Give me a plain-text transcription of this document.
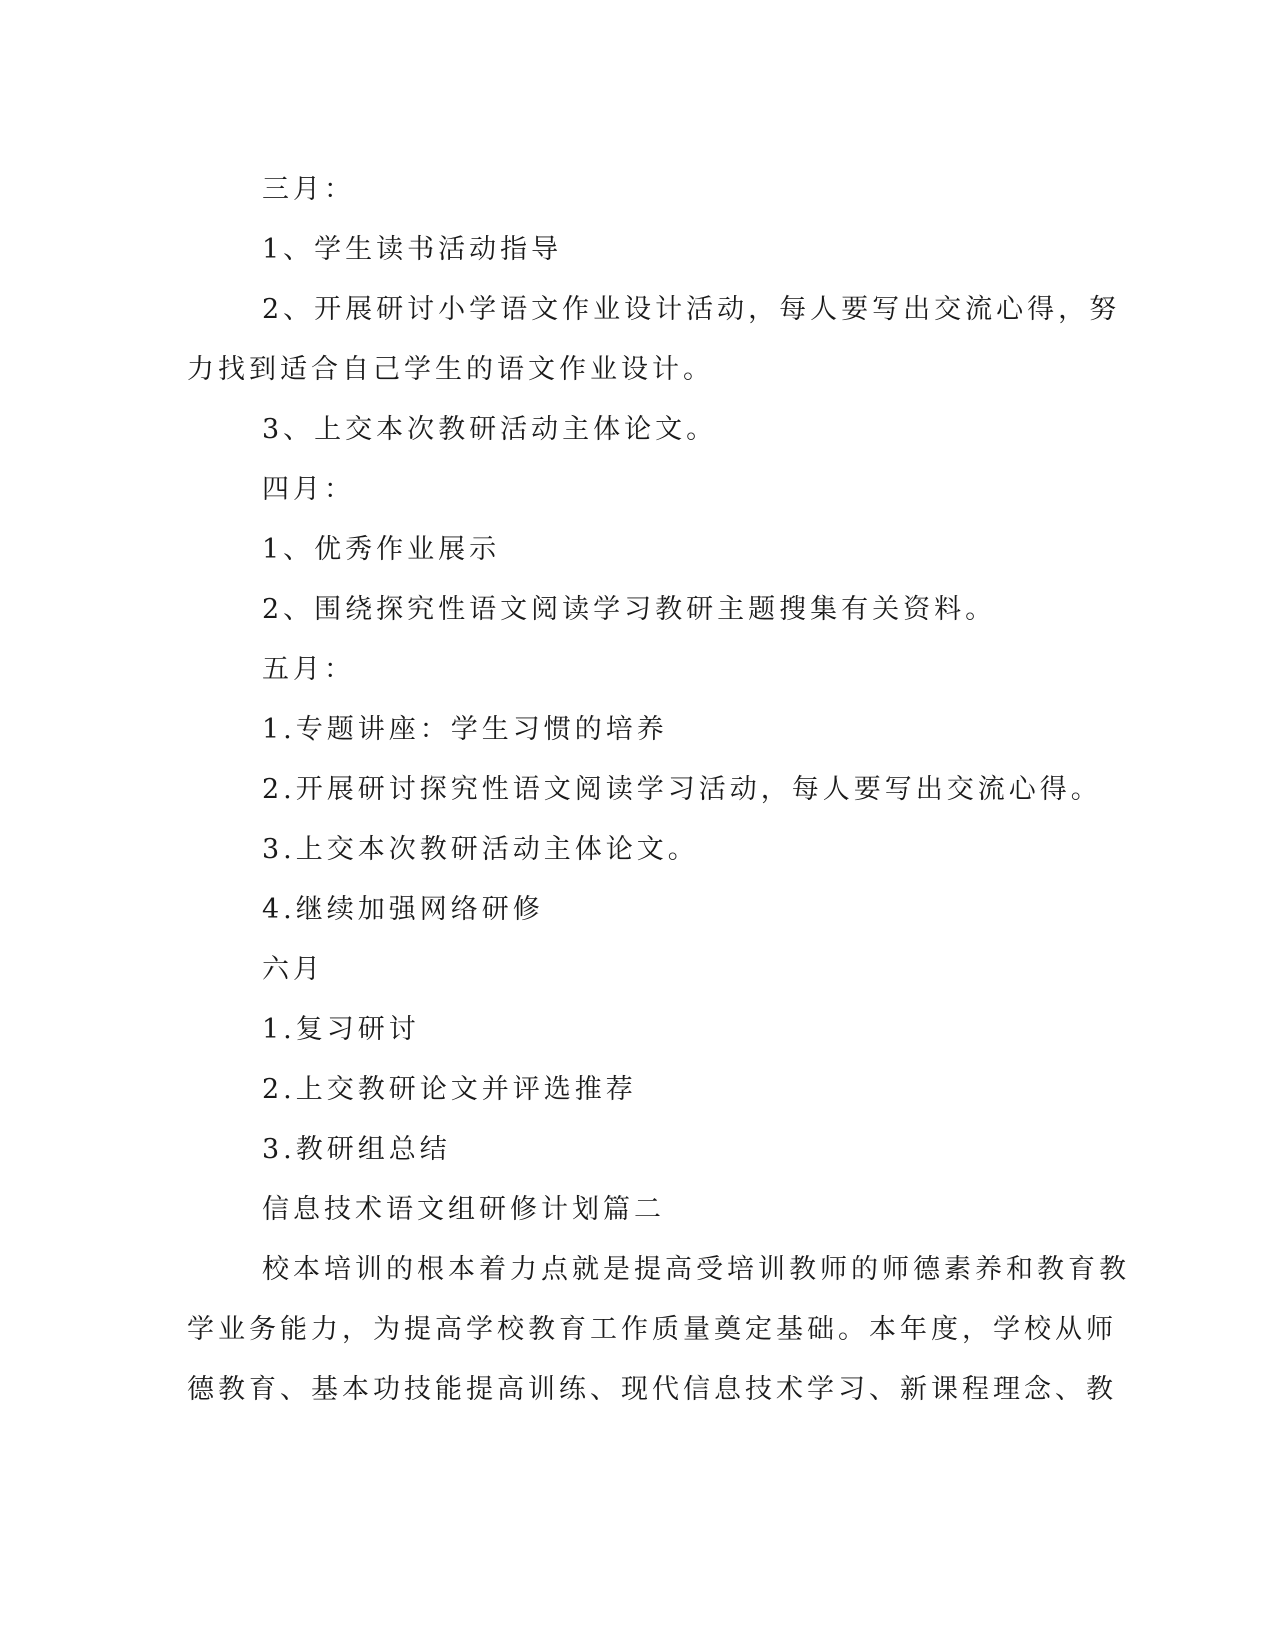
三月：

1、学生读书活动指导

2、开展研讨小学语文作业设计活动，每人要写出交流心得，努

力找到适合自己学生的语文作业设计。

3、上交本次教研活动主体论文。

四月：

1、优秀作业展示

2、围绕探究性语文阅读学习教研主题搜集有关资料。

五月：

1.专题讲座：学生习惯的培养

2.开展研讨探究性语文阅读学习活动，每人要写出交流心得。

3.上交本次教研活动主体论文。

4.继续加强网络研修

六月

1.复习研讨

2.上交教研论文并评选推荐

3.教研组总结

信息技术语文组研修计划篇二

校本培训的根本着力点就是提高受培训教师的师德素养和教育教

学业务能力，为提高学校教育工作质量奠定基础。本年度，学校从师

德教育、基本功技能提高训练、现代信息技术学习、新课程理念、教
